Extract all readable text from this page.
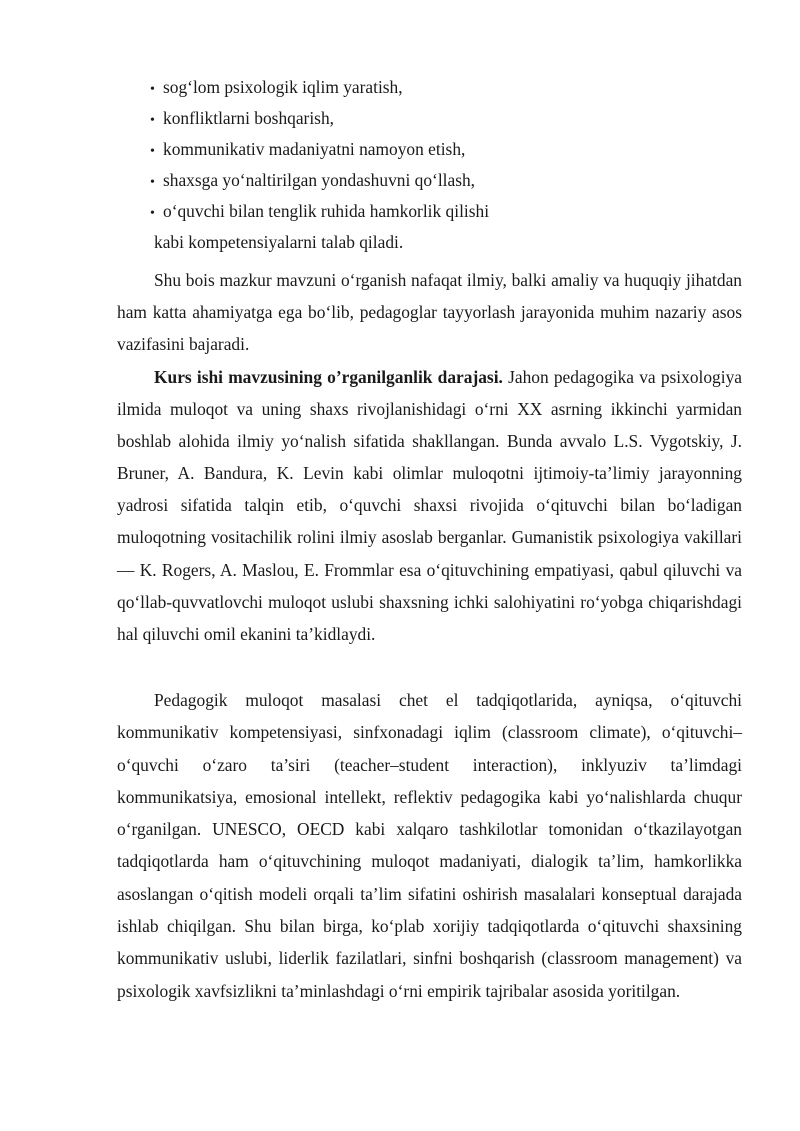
• sog‘lom psixologik iqlim yaratish,
• konfliktlarni boshqarish,
• kommunikativ madaniyatni namoyon etish,
• shaxsga yo‘naltirilgan yondashuvni qo‘llash,
• o‘quvchi bilan tenglik ruhida hamkorlik qilishi
kabi kompetensiyalarni talab qiladi.

Shu bois mazkur mavzuni o‘rganish nafaqat ilmiy, balki amaliy va huquqiy jihatdan ham katta ahamiyatga ega bo‘lib, pedagoglar tayyorlash jarayonida muhim nazariy asos vazifasini bajaradi.

Kurs ishi mavzusining o’rganilganlik darajasi. Jahon pedagogika va psixologiya ilmida muloqot va uning shaxs rivojlanishidagi o‘rni XX asrning ikkinchi yarmidan boshlab alohida ilmiy yo‘nalish sifatida shakllangan. Bunda avvalo L.S. Vygotskiy, J. Bruner, A. Bandura, K. Levin kabi olimlar muloqotni ijtimoiy-ta’limiy jarayonning yadrosi sifatida talqin etib, o‘quvchi shaxsi rivojida o‘qituvchi bilan bo‘ladigan muloqotning vositachilik rolini ilmiy asoslab berganlar. Gumanistik psixologiya vakillari — K. Rogers, A. Maslou, E. Frommlar esa o‘qituvchining empatiyasi, qabul qiluvchi va qo‘llab-quvvatlovchi muloqot uslubi shaxsning ichki salohiyatini ro‘yobga chiqarishdagi hal qiluvchi omil ekanini ta’kidlaydi.

Pedagogik muloqot masalasi chet el tadqiqotlarida, ayniqsa, o‘qituvchi kommunikativ kompetensiyasi, sinfxonadagi iqlim (classroom climate), o‘qituvchi–o‘quvchi o‘zaro ta’siri (teacher–student interaction), inklyuziv ta’limdagi kommunikatsiya, emosional intellekt, reflektiv pedagogika kabi yo‘nalishlarda chuqur o‘rganilgan. UNESCO, OECD kabi xalqaro tashkilotlar tomonidan o‘tkazilayotgan tadqiqotlarda ham o‘qituvchining muloqot madaniyati, dialogik ta’lim, hamkorlikka asoslangan o‘qitish modeli orqali ta’lim sifatini oshirish masalalari konseptual darajada ishlab chiqilgan. Shu bilan birga, ko‘plab xorijiy tadqiqotlarda o‘qituvchi shaxsining kommunikativ uslubi, liderlik fazilatlari, sinfni boshqarish (classroom management) va psixologik xavfsizlikni ta’minlashdagi o‘rni empirik tajribalar asosida yoritilgan.
